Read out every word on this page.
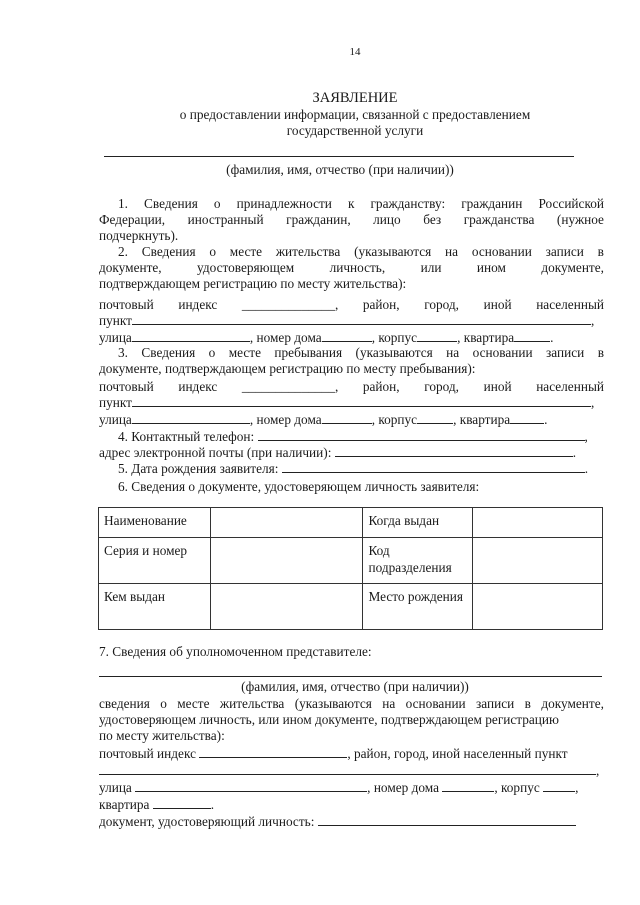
14
ЗАЯВЛЕНИЕ
о предоставлении информации, связанной с предоставлением
государственной услуги
(фамилия, имя, отчество (при наличии))
1. Сведения о принадлежности к гражданству: гражданин Российской
Федерации, иностранный гражданин, лицо без гражданства (нужное
подчеркнуть).
2. Сведения о месте жительства (указываются на основании записи в
документе,	удостоверяющем	личность,	или	ином	документе,
подтверждающем регистрацию по месту жительства):
почтовый индекс ______________, район, город, иной населенный
пункт	,
улица	, номер дома	, корпус	, квартира	.
3. Сведения о месте пребывания (указываются на основании записи в
документе, подтверждающем регистрацию по месту пребывания):
почтовый индекс ______________, район, город, иной населенный
пункт	,
улица	, номер дома	, корпус	, квартира	.
4. Контактный телефон:	,
адрес электронной почты (при наличии):	.
5. Дата рождения заявителя:	.
6. Сведения о документе, удостоверяющем личность заявителя:
Наименование		Когда выдан	
Серия и номер		Код подразделения	
Кем выдан		Место рождения	
7. Сведения об уполномоченном представителе:
(фамилия, имя, отчество (при наличии))
сведения о месте жительства (указываются на основании записи в документе,
удостоверяющем личность, или ином документе, подтверждающем регистрацию
по месту жительства):
почтовый индекс	, район, город, иной населенный пункт
,
улица	, номер дома	, корпус	,
квартира	.
документ, удостоверяющий личность:
